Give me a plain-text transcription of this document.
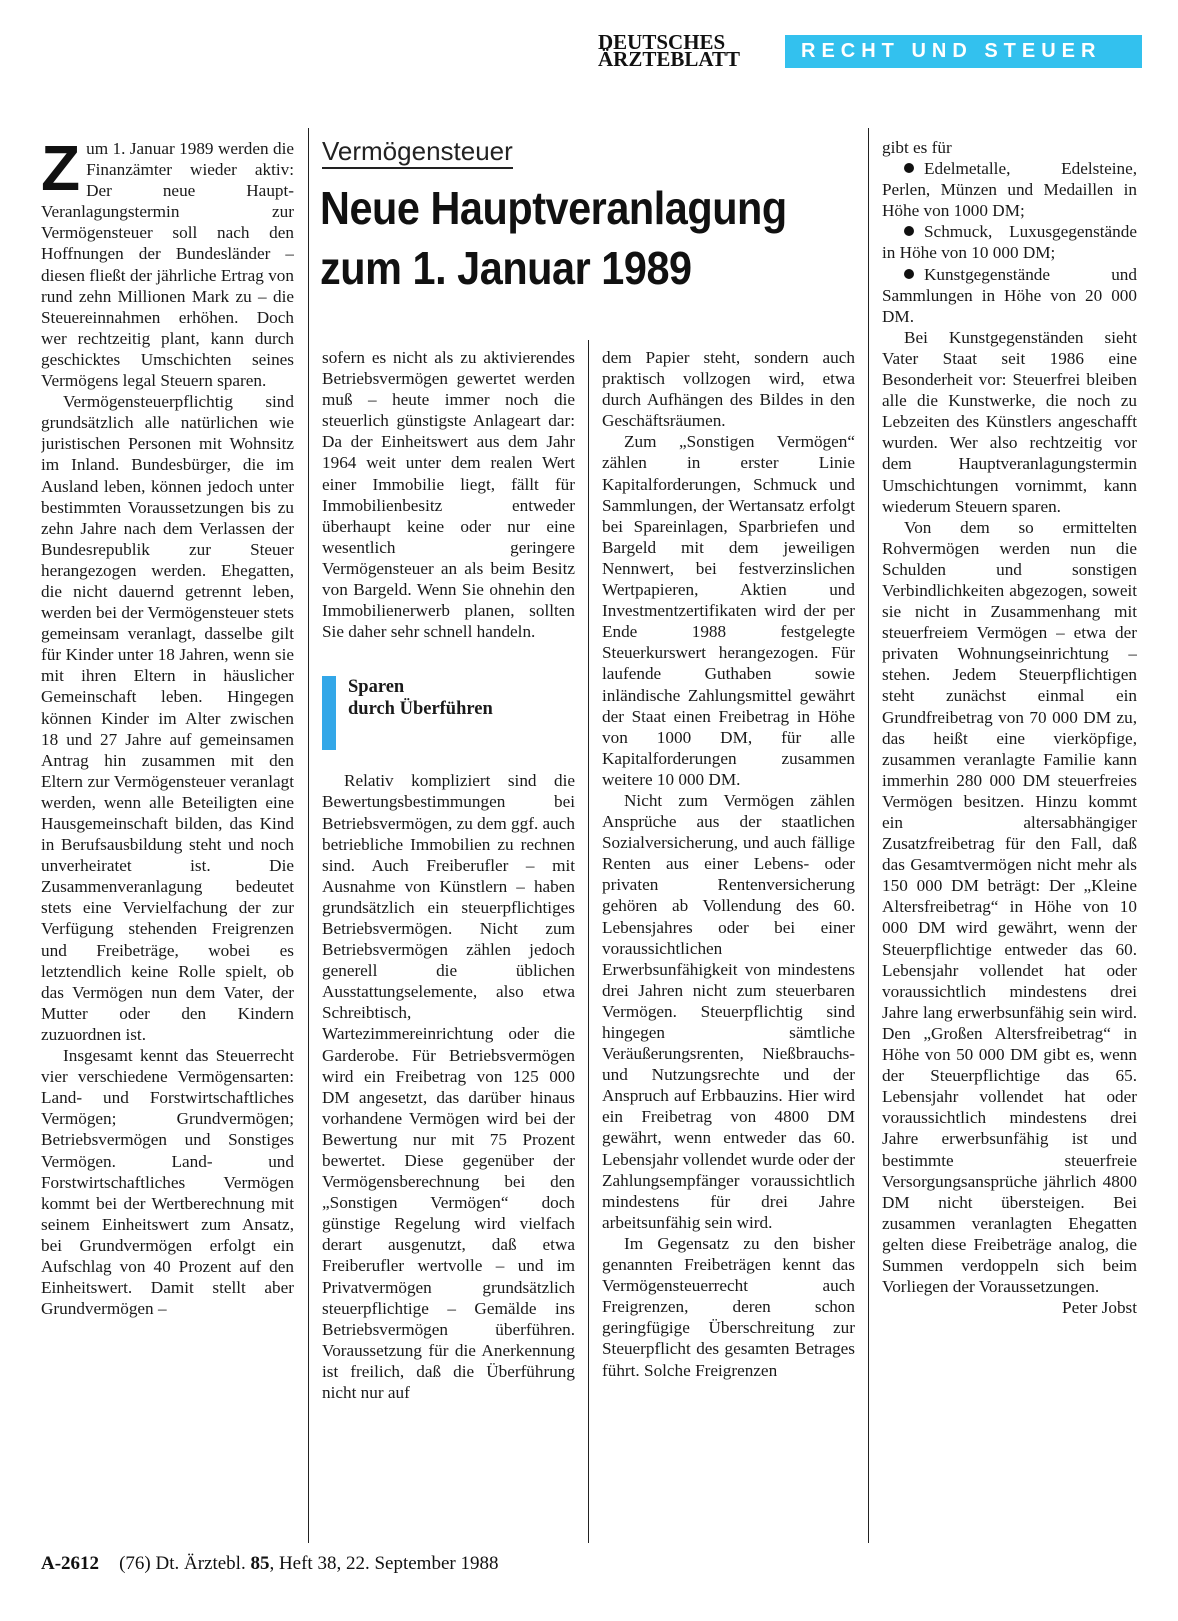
DEUTSCHES
ÄRZTEBLATT	RECHT UND STEUER
Vermögensteuer
Neue Hauptveranlagung
zum 1. Januar 1989

Zum 1. Januar 1989 werden die Finanzämter wieder aktiv: Der neue Haupt-Veranlagungstermin zur Vermögensteuer soll nach den Hoffnungen der Bundesländer – diesen fließt der jährliche Ertrag von rund zehn Millionen Mark zu – die Steuereinnahmen erhöhen. Doch wer rechtzeitig plant, kann durch geschicktes Umschichten seines Vermögens legal Steuern sparen.

Vermögensteuerpflichtig sind grundsätzlich alle natürlichen wie juristischen Personen mit Wohnsitz im Inland. Bundesbürger, die im Ausland leben, können jedoch unter bestimmten Voraussetzungen bis zu zehn Jahre nach dem Verlassen der Bundesrepublik zur Steuer herangezogen werden. Ehegatten, die nicht dauernd getrennt leben, werden bei der Vermögensteuer stets gemeinsam veranlagt, dasselbe gilt für Kinder unter 18 Jahren, wenn sie mit ihren Eltern in häuslicher Gemeinschaft leben. Hingegen können Kinder im Alter zwischen 18 und 27 Jahre auf gemeinsamen Antrag hin zusammen mit den Eltern zur Vermögensteuer veranlagt werden, wenn alle Beteiligten eine Hausgemeinschaft bilden, das Kind in Berufsausbildung steht und noch unverheiratet ist. Die Zusammenveranlagung bedeutet stets eine Vervielfachung der zur Verfügung stehenden Freigrenzen und Freibeträge, wobei es letztendlich keine Rolle spielt, ob das Vermögen nun dem Vater, der Mutter oder den Kindern zuzuordnen ist.

Insgesamt kennt das Steuerrecht vier verschiedene Vermögensarten: Land- und Forstwirtschaftliches Vermögen; Grundvermögen; Betriebsvermögen und Sonstiges Vermögen. Land- und Forstwirtschaftliches Vermögen kommt bei der Wertberechnung mit seinem Einheitswert zum Ansatz, bei Grundvermögen erfolgt ein Aufschlag von 40 Prozent auf den Einheitswert. Damit stellt aber Grundvermögen –

sofern es nicht als zu aktivierendes Betriebsvermögen gewertet werden muß – heute immer noch die steuerlich günstigste Anlageart dar: Da der Einheitswert aus dem Jahr 1964 weit unter dem realen Wert einer Immobilie liegt, fällt für Immobilienbesitz entweder überhaupt keine oder nur eine wesentlich geringere Vermögensteuer an als beim Besitz von Bargeld. Wenn Sie ohnehin den Immobilienerwerb planen, sollten Sie daher sehr schnell handeln.

Sparen
durch Überführen

Relativ kompliziert sind die Bewertungsbestimmungen bei Betriebsvermögen, zu dem ggf. auch betriebliche Immobilien zu rechnen sind. Auch Freiberufler – mit Ausnahme von Künstlern – haben grundsätzlich ein steuerpflichtiges Betriebsvermögen. Nicht zum Betriebsvermögen zählen jedoch generell die üblichen Ausstattungselemente, also etwa Schreibtisch, Wartezimmereinrichtung oder die Garderobe. Für Betriebsvermögen wird ein Freibetrag von 125 000 DM angesetzt, das darüber hinaus vorhandene Vermögen wird bei der Bewertung nur mit 75 Prozent bewertet. Diese gegenüber der Vermögensberechnung bei den „Sonstigen Vermögen“ doch günstige Regelung wird vielfach derart ausgenutzt, daß etwa Freiberufler wertvolle – und im Privatvermögen grundsätzlich steuerpflichtige – Gemälde ins Betriebsvermögen überführen. Voraussetzung für die Anerkennung ist freilich, daß die Überführung nicht nur auf

dem Papier steht, sondern auch praktisch vollzogen wird, etwa durch Aufhängen des Bildes in den Geschäftsräumen.

Zum „Sonstigen Vermögen“ zählen in erster Linie Kapitalforderungen, Schmuck und Sammlungen, der Wertansatz erfolgt bei Spareinlagen, Sparbriefen und Bargeld mit dem jeweiligen Nennwert, bei festverzinslichen Wertpapieren, Aktien und Investmentzertifikaten wird der per Ende 1988 festgelegte Steuerkurswert herangezogen. Für laufende Guthaben sowie inländische Zahlungsmittel gewährt der Staat einen Freibetrag in Höhe von 1000 DM, für alle Kapitalforderungen zusammen weitere 10 000 DM.

Nicht zum Vermögen zählen Ansprüche aus der staatlichen Sozialversicherung, und auch fällige Renten aus einer Lebens- oder privaten Rentenversicherung gehören ab Vollendung des 60. Lebensjahres oder bei einer voraussichtlichen Erwerbsunfähigkeit von mindestens drei Jahren nicht zum steuerbaren Vermögen. Steuerpflichtig sind hingegen sämtliche Veräußerungsrenten, Nießbrauchs- und Nutzungsrechte und der Anspruch auf Erbbauzins. Hier wird ein Freibetrag von 4800 DM gewährt, wenn entweder das 60. Lebensjahr vollendet wurde oder der Zahlungsempfänger voraussichtlich mindestens für drei Jahre arbeitsunfähig sein wird.

Im Gegensatz zu den bisher genannten Freibeträgen kennt das Vermögensteuerrecht auch Freigrenzen, deren schon geringfügige Überschreitung zur Steuerpflicht des gesamten Betrages führt. Solche Freigrenzen

gibt es für

Edelmetalle, Edelsteine, Perlen, Münzen und Medaillen in Höhe von 1000 DM;

Schmuck, Luxusgegenstände in Höhe von 10 000 DM;

Kunstgegenstände und Sammlungen in Höhe von 20 000 DM.

Bei Kunstgegenständen sieht Vater Staat seit 1986 eine Besonderheit vor: Steuerfrei bleiben alle die Kunstwerke, die noch zu Lebzeiten des Künstlers angeschafft wurden. Wer also rechtzeitig vor dem Hauptveranlagungstermin Umschichtungen vornimmt, kann wiederum Steuern sparen.

Von dem so ermittelten Rohvermögen werden nun die Schulden und sonstigen Verbindlichkeiten abgezogen, soweit sie nicht in Zusammenhang mit steuerfreiem Vermögen – etwa der privaten Wohnungseinrichtung – stehen. Jedem Steuerpflichtigen steht zunächst einmal ein Grundfreibetrag von 70 000 DM zu, das heißt eine vierköpfige, zusammen veranlagte Familie kann immerhin 280 000 DM steuerfreies Vermögen besitzen. Hinzu kommt ein altersabhängiger Zusatzfreibetrag für den Fall, daß das Gesamtvermögen nicht mehr als 150 000 DM beträgt: Der „Kleine Altersfreibetrag“ in Höhe von 10 000 DM wird gewährt, wenn der Steuerpflichtige entweder das 60. Lebensjahr vollendet hat oder voraussichtlich mindestens drei Jahre lang erwerbsunfähig sein wird. Den „Großen Altersfreibetrag“ in Höhe von 50 000 DM gibt es, wenn der Steuerpflichtige das 65. Lebensjahr vollendet hat oder voraussichtlich mindestens drei Jahre erwerbsunfähig ist und bestimmte steuerfreie Versorgungsansprüche jährlich 4800 DM nicht übersteigen. Bei zusammen veranlagten Ehegatten gelten diese Freibeträge analog, die Summen verdoppeln sich beim Vorliegen der Voraussetzungen.
Peter Jobst

A-2612 (76) Dt. Ärztebl. 85, Heft 38, 22. September 1988
